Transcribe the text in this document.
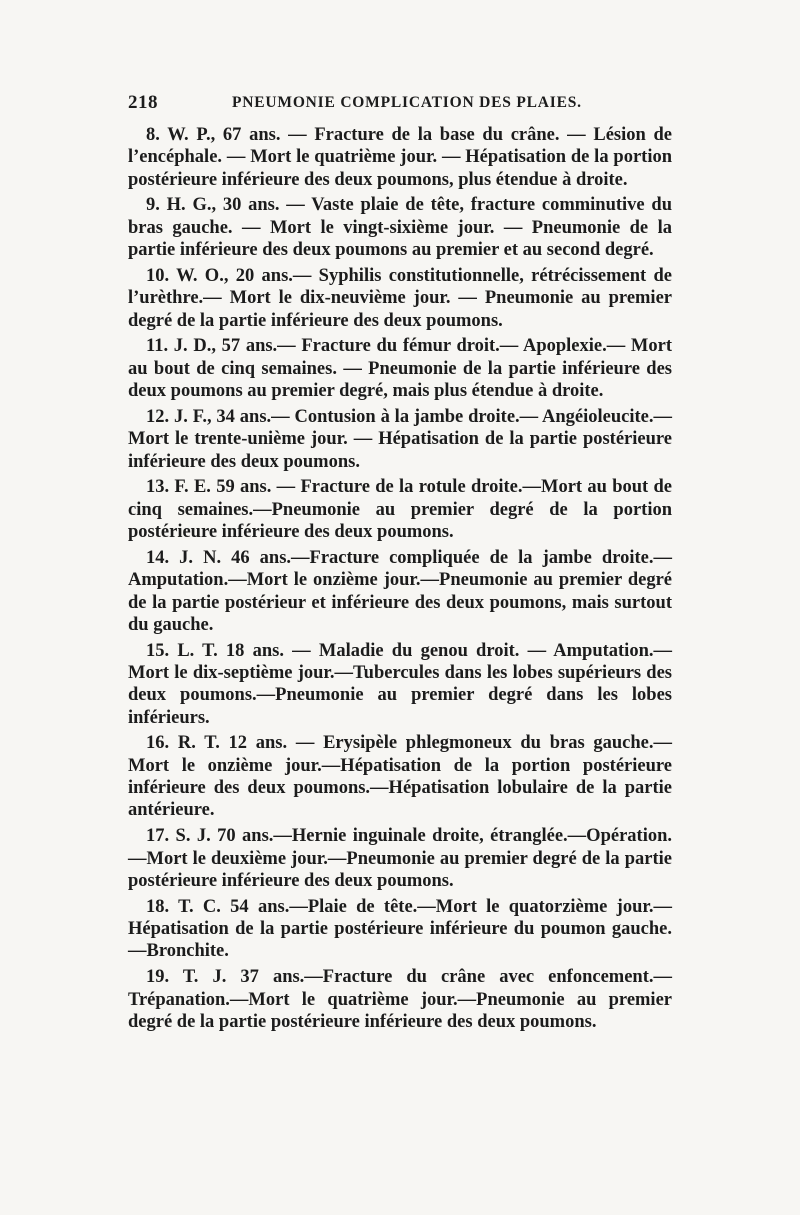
218	PNEUMONIE COMPLICATION DES PLAIES.

8. W. P., 67 ans. — Fracture de la base du crâne. — Lésion de l’encéphale. — Mort le quatrième jour. — Hépatisation de la portion postérieure inférieure des deux poumons, plus étendue à droite.

9. H. G., 30 ans. — Vaste plaie de tête, fracture comminutive du bras gauche. — Mort le vingt-sixième jour. — Pneumonie de la partie inférieure des deux poumons au premier et au second degré.

10. W. O., 20 ans.— Syphilis constitutionnelle, rétrécissement de l’urèthre.— Mort le dix-neuvième jour. — Pneumonie au premier degré de la partie inférieure des deux poumons.

11. J. D., 57 ans.— Fracture du fémur droit.— Apoplexie.— Mort au bout de cinq semaines. — Pneumonie de la partie inférieure des deux poumons au premier degré, mais plus étendue à droite.

12. J. F., 34 ans.— Contusion à la jambe droite.— Angéioleucite.— Mort le trente-unième jour. — Hépatisation de la partie postérieure inférieure des deux poumons.

13. F. E. 59 ans. — Fracture de la rotule droite.—Mort au bout de cinq semaines.—Pneumonie au premier degré de la portion postérieure inférieure des deux poumons.

14. J. N. 46 ans.—Fracture compliquée de la jambe droite.— Amputation.—Mort le onzième jour.—Pneumonie au premier degré de la partie postérieur et inférieure des deux poumons, mais surtout du gauche.

15. L. T. 18 ans. — Maladie du genou droit. — Amputation.— Mort le dix-septième jour.—Tubercules dans les lobes supérieurs des deux poumons.—Pneumonie au premier degré dans les lobes inférieurs.

16. R. T. 12 ans. — Erysipèle phlegmoneux du bras gauche.— Mort le onzième jour.—Hépatisation de la portion postérieure inférieure des deux poumons.—Hépatisation lobulaire de la partie antérieure.

17. S. J. 70 ans.—Hernie inguinale droite, étranglée.—Opération.—Mort le deuxième jour.—Pneumonie au premier degré de la partie postérieure inférieure des deux poumons.

18. T. C. 54 ans.—Plaie de tête.—Mort le quatorzième jour.— Hépatisation de la partie postérieure inférieure du poumon gauche.—Bronchite.

19. T. J. 37 ans.—Fracture du crâne avec enfoncement.—Trépanation.—Mort le quatrième jour.—Pneumonie au premier degré de la partie postérieure inférieure des deux poumons.
